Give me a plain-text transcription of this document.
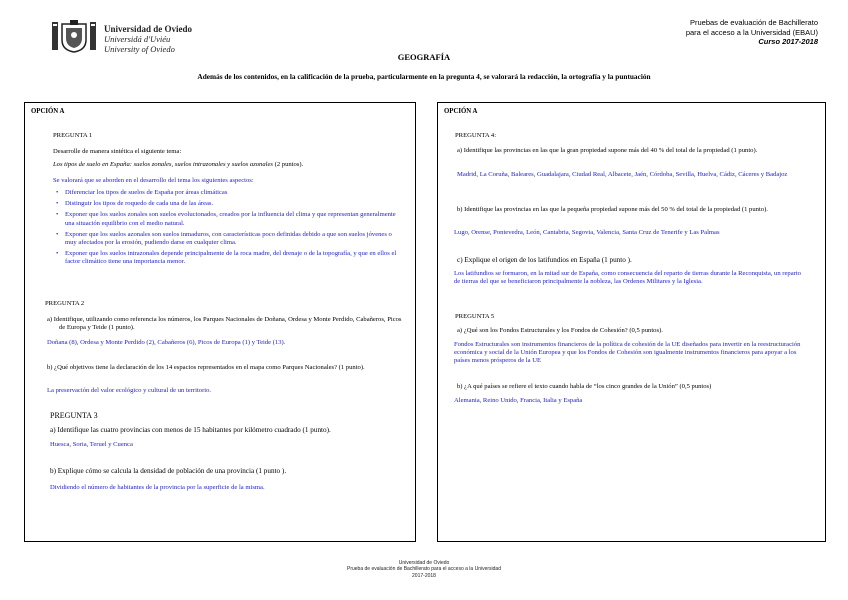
Universidad de Oviedo
Universidá d'Uviéu
University of Oviedo
Pruebas de evaluación de Bachillerato
para el acceso a la Universidad (EBAU)
Curso 2017-2018
GEOGRAFÍA
Además de los contenidos, en la calificación de la prueba, particularmente en la pregunta 4, se valorará la redacción, la ortografía y la puntuación
OPCIÓN A
PREGUNTA 1
Desarrolle de manera sintética el siguiente tema:
Los tipos de suelo en España: suelos zonales, suelos intrazonales y suelos azonales (2 puntos).
Se valorará que se aborden en el desarrollo del tema los siguientes aspectos:
• Diferenciar los tipos de suelos de España por áreas climáticas
• Distinguir los tipos de roquedo de cada una de las áreas.
• Exponer que los suelos zonales son suelos evolucionados, creados por la influencia del clima y que representan generalmente una situación equilibrio con el medio natural.
• Exponer que los suelos azonales son suelos inmaduros, con características poco definidas debido a que son suelos jóvenes o muy afectados por la erosión, pudiendo darse en cualquier clima.
• Exponer que los suelos intrazonales depende principalmente de la roca madre, del drenaje o de la topografía, y que en ellos el factor climático tiene una importancia menor.
PREGUNTA 2
a) Identifique, utilizando como referencia los números, los Parques Nacionales de Doñana, Ordesa y Monte Perdido, Cabañeros, Picos de Europa y Teide (1 punto).
Doñana (8), Ordesa y Monte Perdido (2), Cabañeros (6), Picos de Europa (1) y Teide (13).
b) ¿Qué objetivos tiene la declaración de los 14 espacios representados en el mapa como Parques Nacionales? (1 punto).
La preservación del valor ecológico y cultural de un territorio.
PREGUNTA 3
a) Identifique las cuatro provincias con menos de 15 habitantes por kilómetro cuadrado (1 punto).
Huesca, Soria, Teruel y Cuenca
b) Explique cómo se calcula la densidad de población de una provincia (1 punto ).
Dividiendo el número de habitantes de la provincia por la superficie de la misma.
OPCIÓN A
PREGUNTA 4:
a) Identifique las provincias en las que la gran propiedad supone más del 40 % del total de la propiedad (1 punto).
Madrid, La Coruña, Baleares, Guadalajara, Ciudad Real, Albacete, Jaén, Córdoba, Sevilla, Huelva, Cádiz, Cáceres y Badajoz
b) Identifique las provincias en las que la pequeña propiedad supone más del 50 % del total de la propiedad (1 punto).
Lugo, Orense, Pontevedra, León, Cantabria, Segovia, Valencia, Santa Cruz de Tenerife y Las Palmas
c) Explique el origen de los latifundios en España (1 punto ).
Los latifundios se formaron, en la mitad sur de España, como consecuencia del reparto de tierras durante la Reconquista, un reparto de tierras del que se beneficiaron principalmente la nobleza, las Ordenes Militares y la Iglesia.
PREGUNTA 5
a) ¿Qué son los Fondos Estructurales y los Fondos de Cohesión? (0,5 puntos).
Fondos Estructurales son instrumentos financieros de la política de cohesión de la UE diseñados para invertir en la reestructuración económica y social de la Unión Europea y que los Fondos de Cohesión son igualmente instrumentos financieros para apoyar a los países menos prósperos de la UE
b) ¿A qué países se refiere el texto cuando habla de “los cinco grandes de la Unión” (0,5 puntos)
Alemania, Reino Unido, Francia, Italia y España
Universidad de Oviedo
Prueba de evaluación de Bachillerato para el acceso a la Universidad
2017-2018
